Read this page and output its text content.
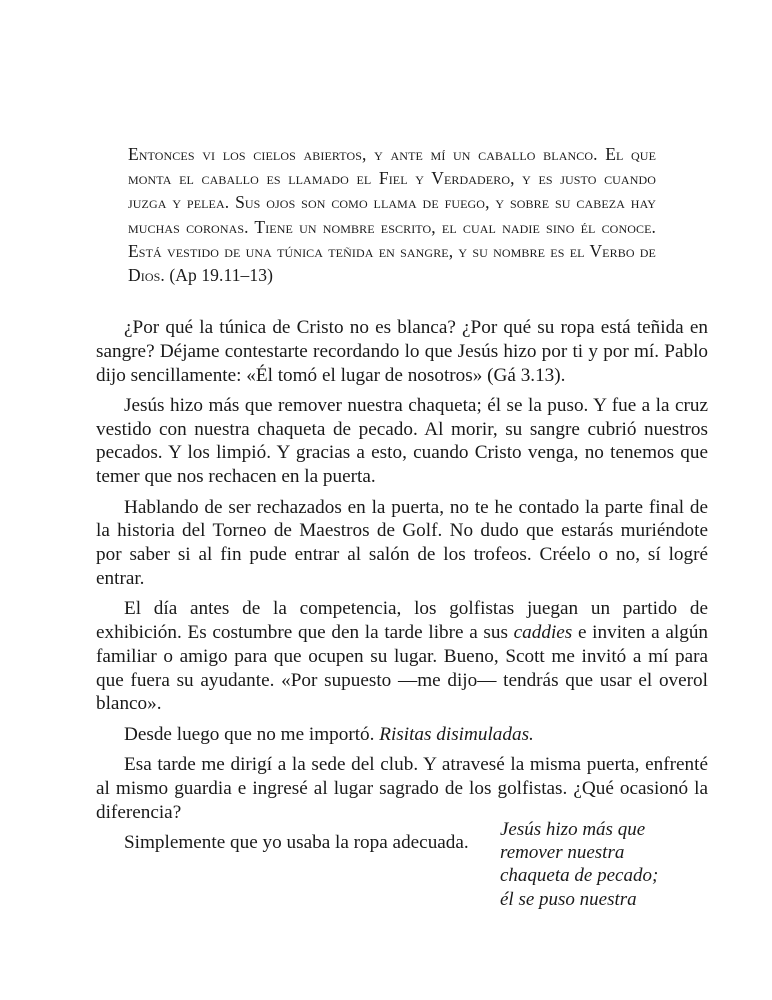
Entonces vi los cielos abiertos, y ante mí un caballo blanco. El que monta el caballo es llamado el Fiel y Verdadero, y es justo cuando juzga y pelea. Sus ojos son como llama de fuego, y sobre su cabeza hay muchas coronas. Tiene un nombre escrito, el cual nadie sino él conoce. Está vestido de una túnica teñida en sangre, y su nombre es el Verbo de Dios. (Ap 19.11–13)

¿Por qué la túnica de Cristo no es blanca? ¿Por qué su ropa está teñida en sangre? Déjame contestarte recordando lo que Jesús hizo por ti y por mí. Pablo dijo sencillamente: «Él tomó el lugar de nosotros» (Gá 3.13).

Jesús hizo más que remover nuestra chaqueta; él se la puso. Y fue a la cruz vestido con nuestra chaqueta de pecado. Al morir, su sangre cubrió nuestros pecados. Y los limpió. Y gracias a esto, cuando Cristo venga, no tenemos que temer que nos rechacen en la puerta.

Hablando de ser rechazados en la puerta, no te he contado la parte final de la historia del Torneo de Maestros de Golf. No dudo que estarás muriéndote por saber si al fin pude entrar al salón de los trofeos. Créelo o no, sí logré entrar.

El día antes de la competencia, los golfistas juegan un partido de exhibición. Es costumbre que den la tarde libre a sus caddies e inviten a algún familiar o amigo para que ocupen su lugar. Bueno, Scott me invitó a mí para que fuera su ayudante. «Por supuesto —me dijo— tendrás que usar el overol blanco».

Desde luego que no me importó. Risitas disimuladas.

Esa tarde me dirigí a la sede del club. Y atravesé la misma puerta, enfrenté al mismo guardia e ingresé al lugar sagrado de los golfistas. ¿Qué ocasionó la diferencia?

Simplemente que yo usaba la ropa adecuada.

Jesús hizo más que
remover nuestra
chaqueta de pecado;
él se puso nuestra
